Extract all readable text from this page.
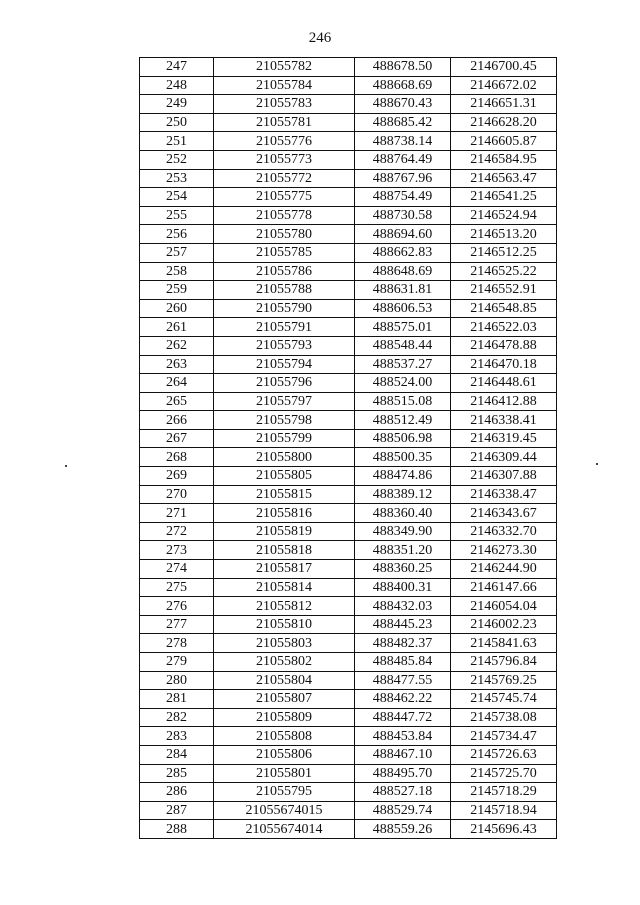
246
247	21055782	488678.50	2146700.45
248	21055784	488668.69	2146672.02
249	21055783	488670.43	2146651.31
250	21055781	488685.42	2146628.20
251	21055776	488738.14	2146605.87
252	21055773	488764.49	2146584.95
253	21055772	488767.96	2146563.47
254	21055775	488754.49	2146541.25
255	21055778	488730.58	2146524.94
256	21055780	488694.60	2146513.20
257	21055785	488662.83	2146512.25
258	21055786	488648.69	2146525.22
259	21055788	488631.81	2146552.91
260	21055790	488606.53	2146548.85
261	21055791	488575.01	2146522.03
262	21055793	488548.44	2146478.88
263	21055794	488537.27	2146470.18
264	21055796	488524.00	2146448.61
265	21055797	488515.08	2146412.88
266	21055798	488512.49	2146338.41
267	21055799	488506.98	2146319.45
268	21055800	488500.35	2146309.44
269	21055805	488474.86	2146307.88
270	21055815	488389.12	2146338.47
271	21055816	488360.40	2146343.67
272	21055819	488349.90	2146332.70
273	21055818	488351.20	2146273.30
274	21055817	488360.25	2146244.90
275	21055814	488400.31	2146147.66
276	21055812	488432.03	2146054.04
277	21055810	488445.23	2146002.23
278	21055803	488482.37	2145841.63
279	21055802	488485.84	2145796.84
280	21055804	488477.55	2145769.25
281	21055807	488462.22	2145745.74
282	21055809	488447.72	2145738.08
283	21055808	488453.84	2145734.47
284	21055806	488467.10	2145726.63
285	21055801	488495.70	2145725.70
286	21055795	488527.18	2145718.29
287	21055674015	488529.74	2145718.94
288	21055674014	488559.26	2145696.43
